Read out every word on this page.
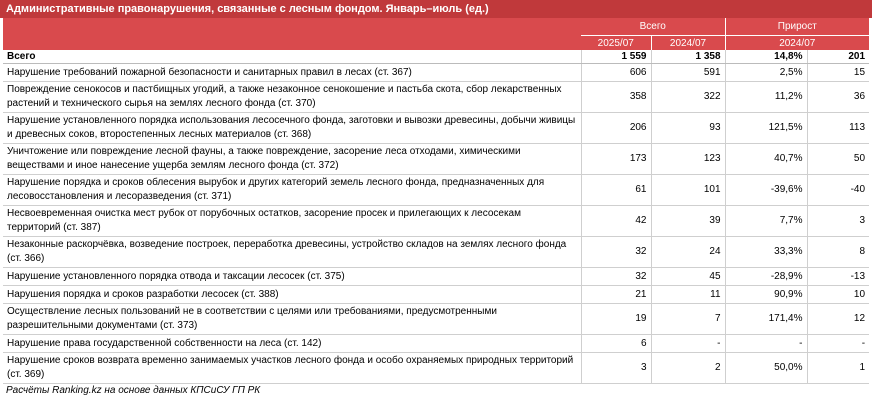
Административные правонарушения, связанные с лесным фондом. Январь–июль (ед.)
	Всего		Прирост	
	2025/07	2024/07	2024/07	
Всего	1 559	1 358	14,8%	201
Нарушение требований пожарной безопасности и санитарных правил в лесах (ст. 367)	606	591	2,5%	15
Повреждение сенокосов и пастбищных угодий, а также незаконное сенокошение и пастьба скота, сбор лекарственных растений и технического сырья на землях лесного фонда (ст. 370)	358	322	11,2%	36
Нарушение установленного порядка использования лесосечного фонда, заготовки и вывозки древесины, добычи живицы и древесных соков, второстепенных лесных материалов (ст. 368)	206	93	121,5%	113
Уничтожение или повреждение лесной фауны, а также повреждение, засорение леса отходами, химическими веществами и иное нанесение ущерба землям лесного фонда (ст. 372)	173	123	40,7%	50
Нарушение порядка и сроков облесения вырубок и других категорий земель лесного фонда, предназначенных для лесовосстановления и лесоразведения (ст. 371)	61	101	-39,6%	-40
Несвоевременная очистка мест рубок от порубочных остатков, засорение просек и прилегающих к лесосекам территорий (ст. 387)	42	39	7,7%	3
Незаконные раскорчёвка, возведение построек, переработка древесины, устройство складов на землях лесного фонда (ст. 366)	32	24	33,3%	8
Нарушение установленного порядка отвода и таксации лесосек (ст. 375)	32	45	-28,9%	-13
Нарушения порядка и сроков разработки лесосек (ст. 388)	21	11	90,9%	10
Осуществление лесных пользований не в соответствии с целями или требованиями, предусмотренными разрешительными документами (ст. 373)	19	7	171,4%	12
Нарушение права государственной собственности на леса (ст. 142)	6	-	-	-
Нарушение сроков возврата временно занимаемых участков лесного фонда и особо охраняемых природных территорий (ст. 369)	3	2	50,0%	1
Расчёты Ranking.kz на основе данных КПСиСУ ГП РК
